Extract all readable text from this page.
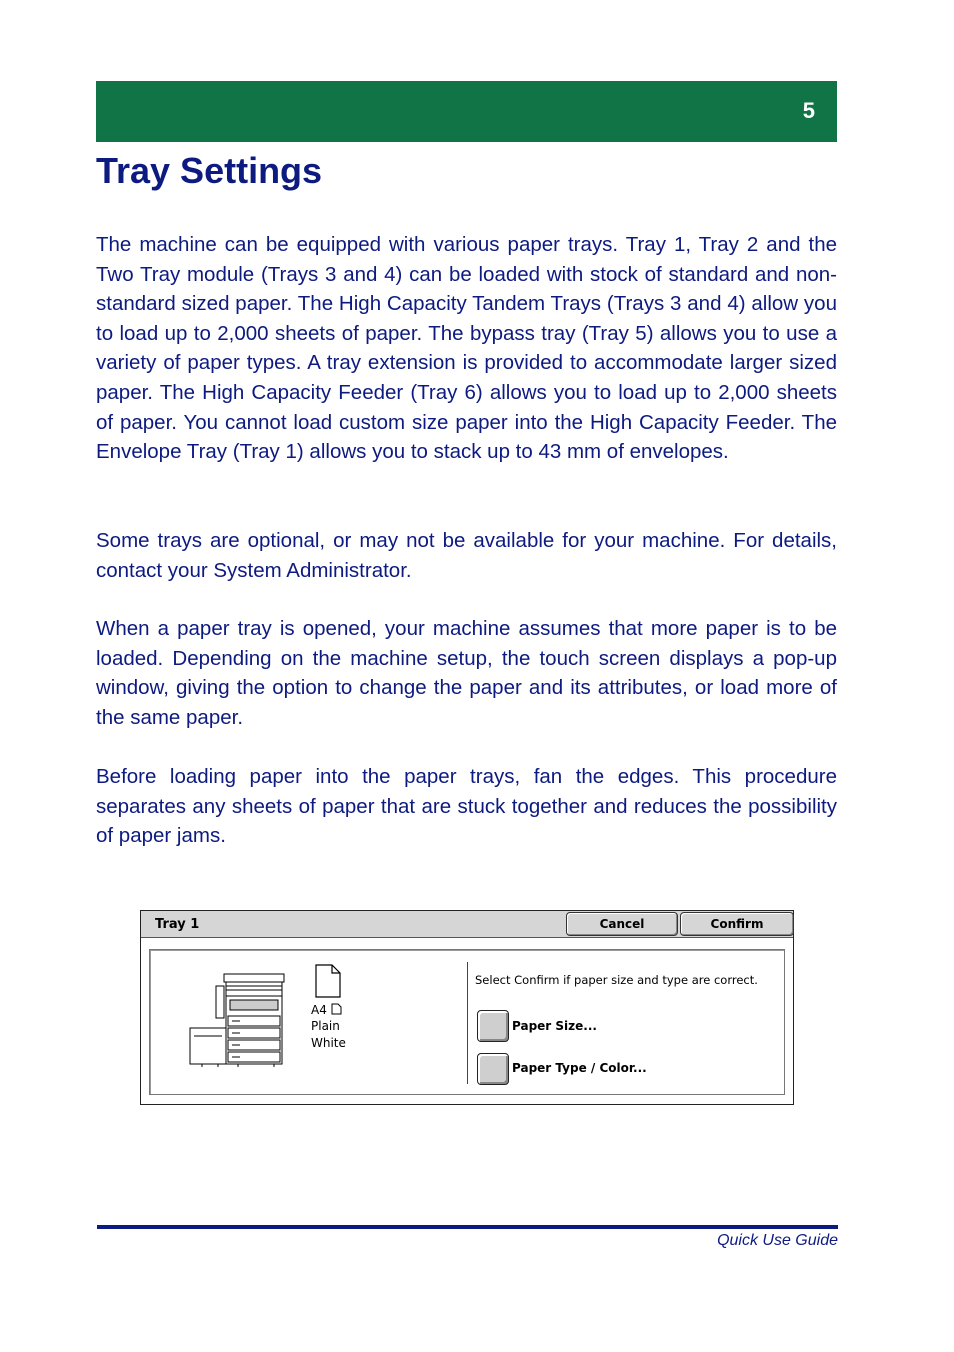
5
Tray Settings

The machine can be equipped with various paper trays. Tray 1, Tray 2 and the Two Tray module (Trays 3 and 4) can be loaded with stock of standard and non-standard sized paper. The High Capacity Tandem Trays (Trays 3 and 4) allow you to load up to 2,000 sheets of paper. The bypass tray (Tray 5) allows you to use a variety of paper types. A tray extension is provided to accommodate larger sized paper. The High Capacity Feeder (Tray 6) allows you to load up to 2,000 sheets of paper. You cannot load custom size paper into the High Capacity Feeder. The Envelope Tray (Tray 1) allows you to stack up to 43 mm of envelopes.

Some trays are optional, or may not be available for your machine. For details, contact your System Administrator.

When a paper tray is opened, your machine assumes that more paper is to be loaded. Depending on the machine setup, the touch screen displays a pop-up window, giving the option to change the paper and its attributes, or load more of the same paper.

Before loading paper into the paper trays, fan the edges. This procedure separates any sheets of paper that are stuck together and reduces the possibility of paper jams.

Tray 1	Cancel	Confirm
A4
Plain
White
Select Confirm if paper size and type are correct.
Paper Size...
Paper Type / Color...
Quick Use Guide
